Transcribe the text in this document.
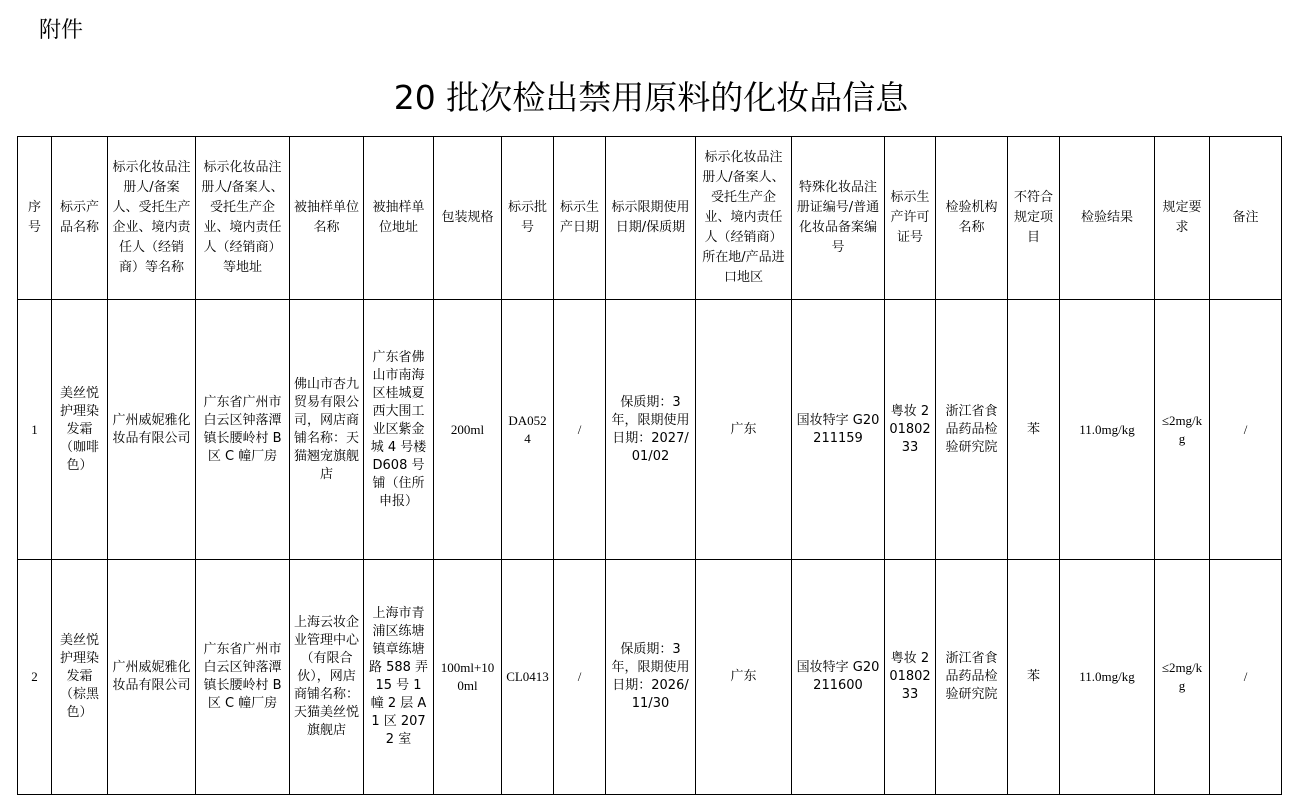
附件
20 批次检出禁用原料的化妆品信息
序号	标示产品名称	标示化妆品注册人/备案人、受托生产企业、境内责任人（经销商）等名称	标示化妆品注册人/备案人、受托生产企业、境内责任人（经销商）等地址	被抽样单位名称	被抽样单位地址	包装规格	标示批号	标示生产日期	标示限期使用日期/保质期	标示化妆品注册人/备案人、受托生产企业、境内责任人（经销商）所在地/产品进口地区	特殊化妆品注册证编号/普通化妆品备案编号	标示生产许可证号	检验机构名称	不符合规定项目	检验结果	规定要求	备注
1	美丝悦护理染发霜（咖啡色）	广州威妮雅化妆品有限公司	广东省广州市白云区钟落潭镇长腰岭村 B 区 C 幢厂房	佛山市杏九贸易有限公司，网店商铺名称：天猫翘宠旗舰店	广东省佛山市南海区桂城夏西大围工业区紫金城 4 号楼 D608 号铺（住所申报）	200ml	DA0524	/	保质期：3 年，限期使用日期：2027/01/02	广东	国妆特字 G20211159	粤妆 20180233	浙江省食品药品检验研究院	苯	11.0mg/kg	≤2mg/kg	/
2	美丝悦护理染发霜（棕黑色）	广州威妮雅化妆品有限公司	广东省广州市白云区钟落潭镇长腰岭村 B 区 C 幢厂房	上海云妆企业管理中心（有限合伙），网店商铺名称：天猫美丝悦旗舰店	上海市青浦区练塘镇章练塘路 588 弄 15 号 1 幢 2 层 A1 区 2072 室	100ml+100ml	CL0413	/	保质期：3 年，限期使用日期：2026/11/30	广东	国妆特字 G20211600	粤妆 20180233	浙江省食品药品检验研究院	苯	11.0mg/kg	≤2mg/kg	/
